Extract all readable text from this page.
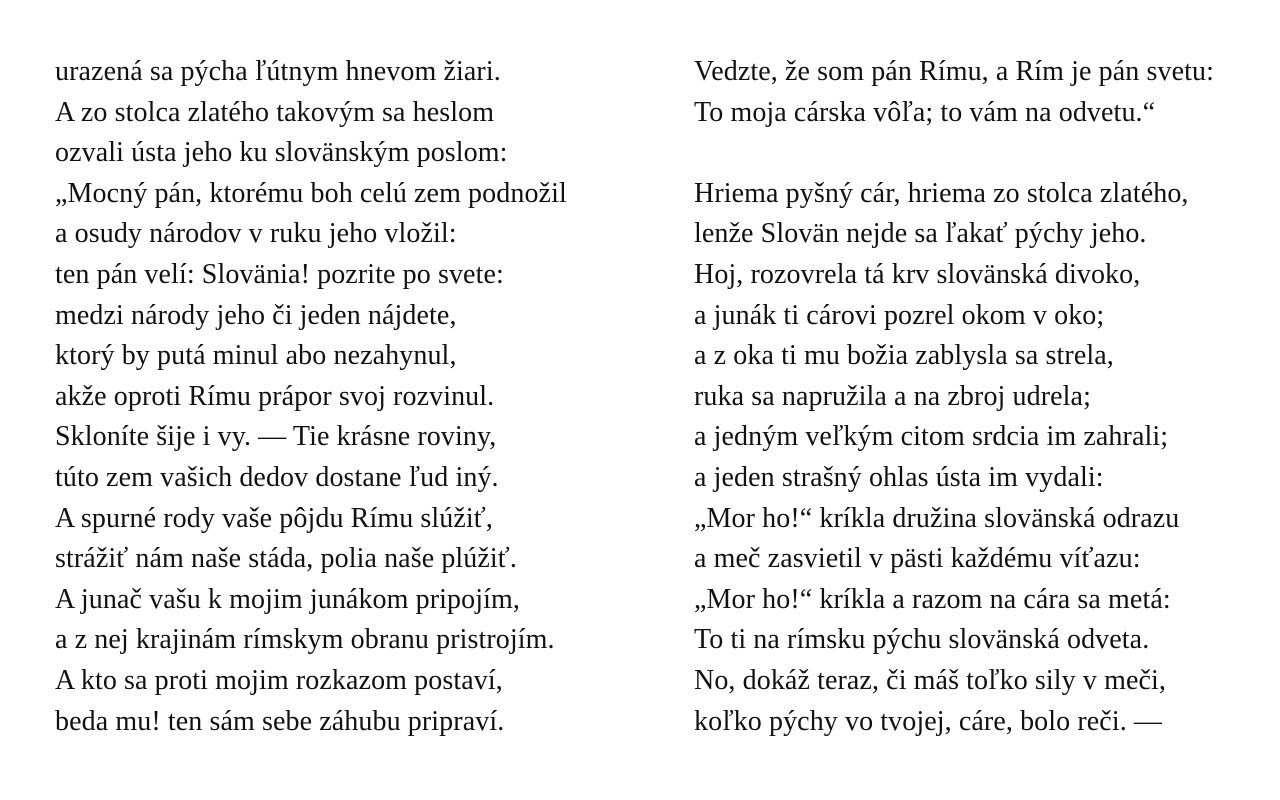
urazená sa pýcha ľútnym hnevom žiari.
A zo stolca zlatého takovým sa heslom
ozvali ústa jeho ku slovänským poslom:
„Mocný pán, ktorému boh celú zem podnožil
a osudy národov v ruku jeho vložil:
ten pán velí: Slovänia! pozrite po svete:
medzi národy jeho či jeden nájdete,
ktorý by putá minul abo nezahynul,
akže oproti Rímu prápor svoj rozvinul.
Skloníte šije i vy. — Tie krásne roviny,
túto zem vašich dedov dostane ľud iný.
A spurné rody vaše pôjdu Rímu slúžiť,
strážiť nám naše stáda, polia naše plúžiť.
A junač vašu k mojim junákom pripojím,
a z nej krajinám rímskym obranu pristrojím.
A kto sa proti mojim rozkazom postaví,
beda mu! ten sám sebe záhubu pripraví.
Vedzte, že som pán Rímu, a Rím je pán svetu:
To moja cárska vôľa; to vám na odvetu.“
Hriema pyšný cár, hriema zo stolca zlatého,
lenže Slovän nejde sa ľakať pýchy jeho.
Hoj, rozovrela tá krv slovänská divoko,
a junák ti cárovi pozrel okom v oko;
a z oka ti mu božia zablysla sa strela,
ruka sa napružila a na zbroj udrela;
a jedným veľkým citom srdcia im zahrali;
a jeden strašný ohlas ústa im vydali:
„Mor ho!“ kríkla družina slovänská odrazu
a meč zasvietil v pästi každému víťazu:
„Mor ho!“ kríkla a razom na cára sa metá:
To ti na rímsku pýchu slovänská odveta.
No, dokáž teraz, či máš toľko sily v meči,
koľko pýchy vo tvojej, cáre, bolo reči. —
